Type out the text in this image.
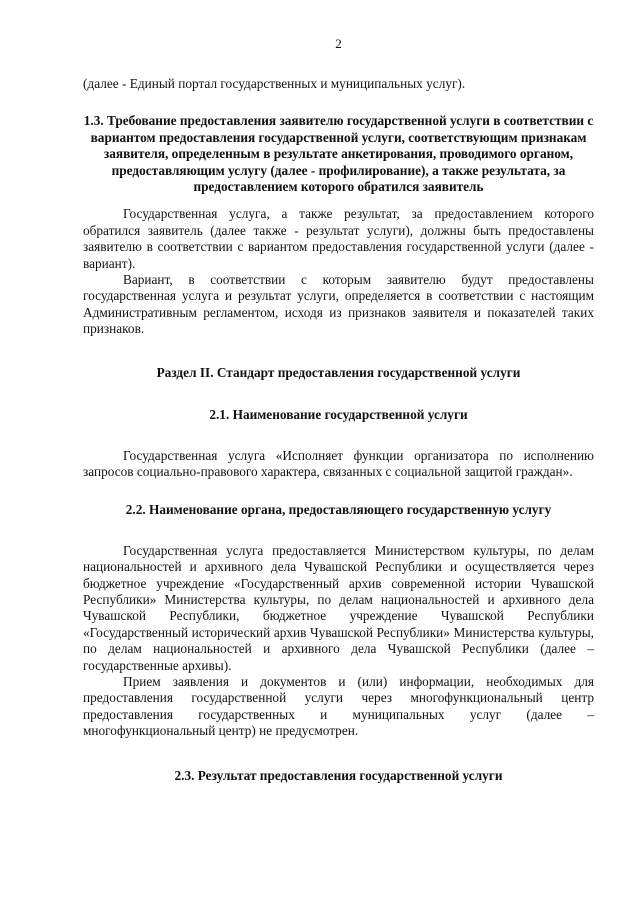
2

(далее - Единый портал государственных и муниципальных услуг).

1.3. Требование предоставления заявителю государственной услуги в соответствии с вариантом предоставления государственной услуги, соответствующим признакам заявителя, определенным в результате анкетирования, проводимого органом, предоставляющим услугу (далее - профилирование), а также результата, за предоставлением которого обратился заявитель

Государственная услуга, а также результат, за предоставлением которого обратился заявитель (далее также - результат услуги), должны быть предоставлены заявителю в соответствии с вариантом предоставления государственной услуги (далее - вариант).

Вариант, в соответствии с которым заявителю будут предоставлены государственная услуга и результат услуги, определяется в соответствии с настоящим Административным регламентом, исходя из признаков заявителя и показателей таких признаков.

Раздел II. Стандарт предоставления государственной услуги

2.1. Наименование государственной услуги

Государственная услуга «Исполняет функции организатора по исполнению запросов социально-правового характера, связанных с социальной защитой граждан».

2.2. Наименование органа, предоставляющего государственную услугу

Государственная услуга предоставляется Министерством культуры, по делам национальностей и архивного дела Чувашской Республики и осуществляется через бюджетное учреждение «Государственный архив современной истории Чувашской Республики» Министерства культуры, по делам национальностей и архивного дела Чувашской Республики, бюджетное учреждение Чувашской Республики «Государственный исторический архив Чувашской Республики» Министерства культуры, по делам национальностей и архивного дела Чувашской Республики (далее – государственные архивы).

Прием заявления и документов и (или) информации, необходимых для предоставления государственной услуги через многофункциональный центр предоставления государственных и муниципальных услуг (далее – многофункциональный центр) не предусмотрен.

2.3. Результат предоставления государственной услуги
